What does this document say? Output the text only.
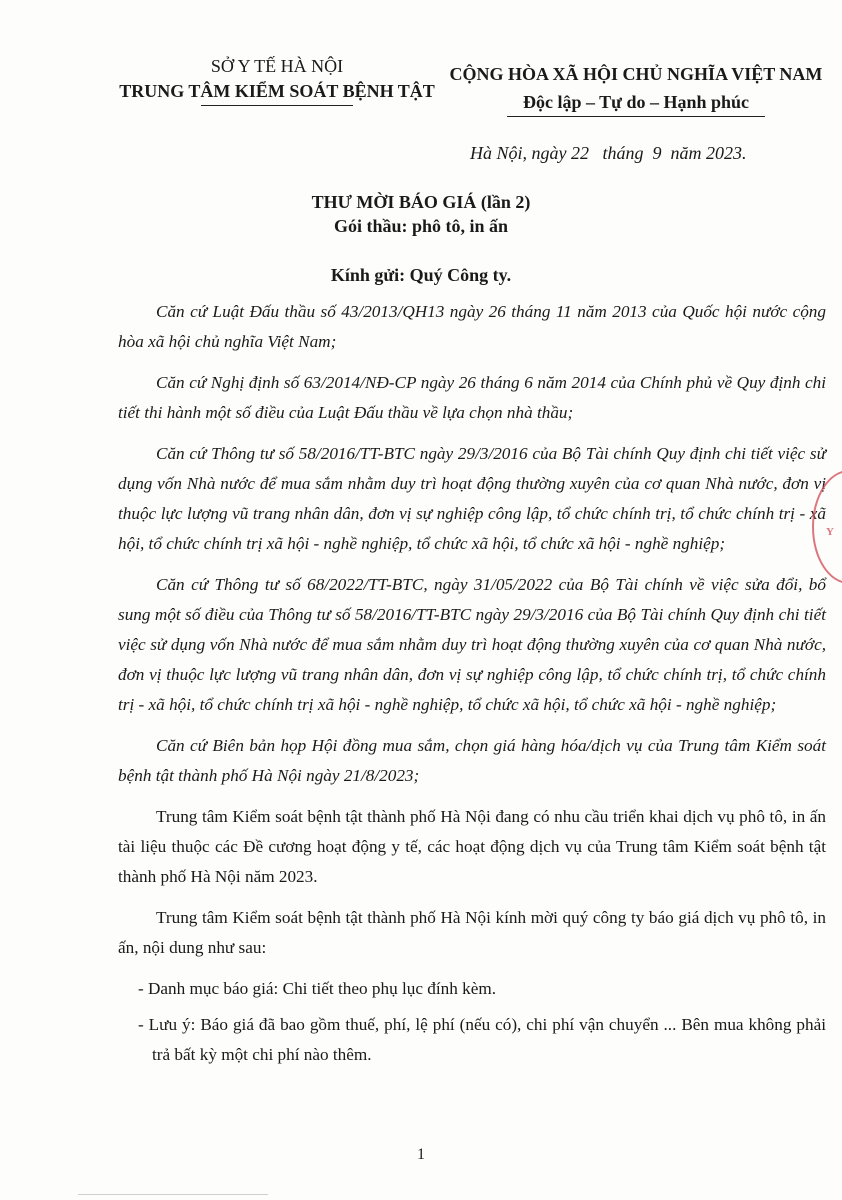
SỞ Y TẾ HÀ NỘI
TRUNG TÂM KIỂM SOÁT BỆNH TẬT
CỘNG HÒA XÃ HỘI CHỦ NGHĨA VIỆT NAM
Độc lập – Tự do – Hạnh phúc
Hà Nội, ngày 22   tháng  9  năm 2023.
THƯ MỜI BÁO GIÁ (lần 2)
Gói thầu: phô tô, in ấn
Kính gửi: Quý Công ty.

Căn cứ Luật Đấu thầu số 43/2013/QH13 ngày 26 tháng 11 năm 2013 của Quốc hội nước cộng hòa xã hội chủ nghĩa Việt Nam;

Căn cứ Nghị định số 63/2014/NĐ-CP ngày 26 tháng 6 năm 2014 của Chính phủ về Quy định chi tiết thi hành một số điều của Luật Đấu thầu về lựa chọn nhà thầu;

Căn cứ Thông tư số 58/2016/TT-BTC ngày 29/3/2016 của Bộ Tài chính Quy định chi tiết việc sử dụng vốn Nhà nước để mua sắm nhằm duy trì hoạt động thường xuyên của cơ quan Nhà nước, đơn vị thuộc lực lượng vũ trang nhân dân, đơn vị sự nghiệp công lập, tổ chức chính trị, tổ chức chính trị - xã hội, tổ chức chính trị xã hội - nghề nghiệp, tổ chức xã hội, tổ chức xã hội - nghề nghiệp;

Căn cứ Thông tư số 68/2022/TT-BTC, ngày 31/05/2022 của Bộ Tài chính về việc sửa đổi, bổ sung một số điều của Thông tư số 58/2016/TT-BTC ngày 29/3/2016 của Bộ Tài chính Quy định chi tiết việc sử dụng vốn Nhà nước để mua sắm nhằm duy trì hoạt động thường xuyên của cơ quan Nhà nước, đơn vị thuộc lực lượng vũ trang nhân dân, đơn vị sự nghiệp công lập, tổ chức chính trị, tổ chức chính trị - xã hội, tổ chức chính trị xã hội - nghề nghiệp, tổ chức xã hội, tổ chức xã hội - nghề nghiệp;

Căn cứ Biên bản họp Hội đồng mua sắm, chọn giá hàng hóa/dịch vụ của Trung tâm Kiểm soát bệnh tật thành phố Hà Nội ngày 21/8/2023;

Trung tâm Kiểm soát bệnh tật thành phố Hà Nội đang có nhu cầu triển khai dịch vụ phô tô, in ấn tài liệu thuộc các Đề cương hoạt động y tế, các hoạt động dịch vụ của Trung tâm Kiểm soát bệnh tật thành phố Hà Nội năm 2023.

Trung tâm Kiểm soát bệnh tật thành phố Hà Nội kính mời quý công ty báo giá dịch vụ phô tô, in ấn, nội dung như sau:

- Danh mục báo giá: Chi tiết theo phụ lục đính kèm.

- Lưu ý: Báo giá đã bao gồm thuế, phí, lệ phí (nếu có), chi phí vận chuyển ... Bên mua không phải trả bất kỳ một chi phí nào thêm.

Y
1
